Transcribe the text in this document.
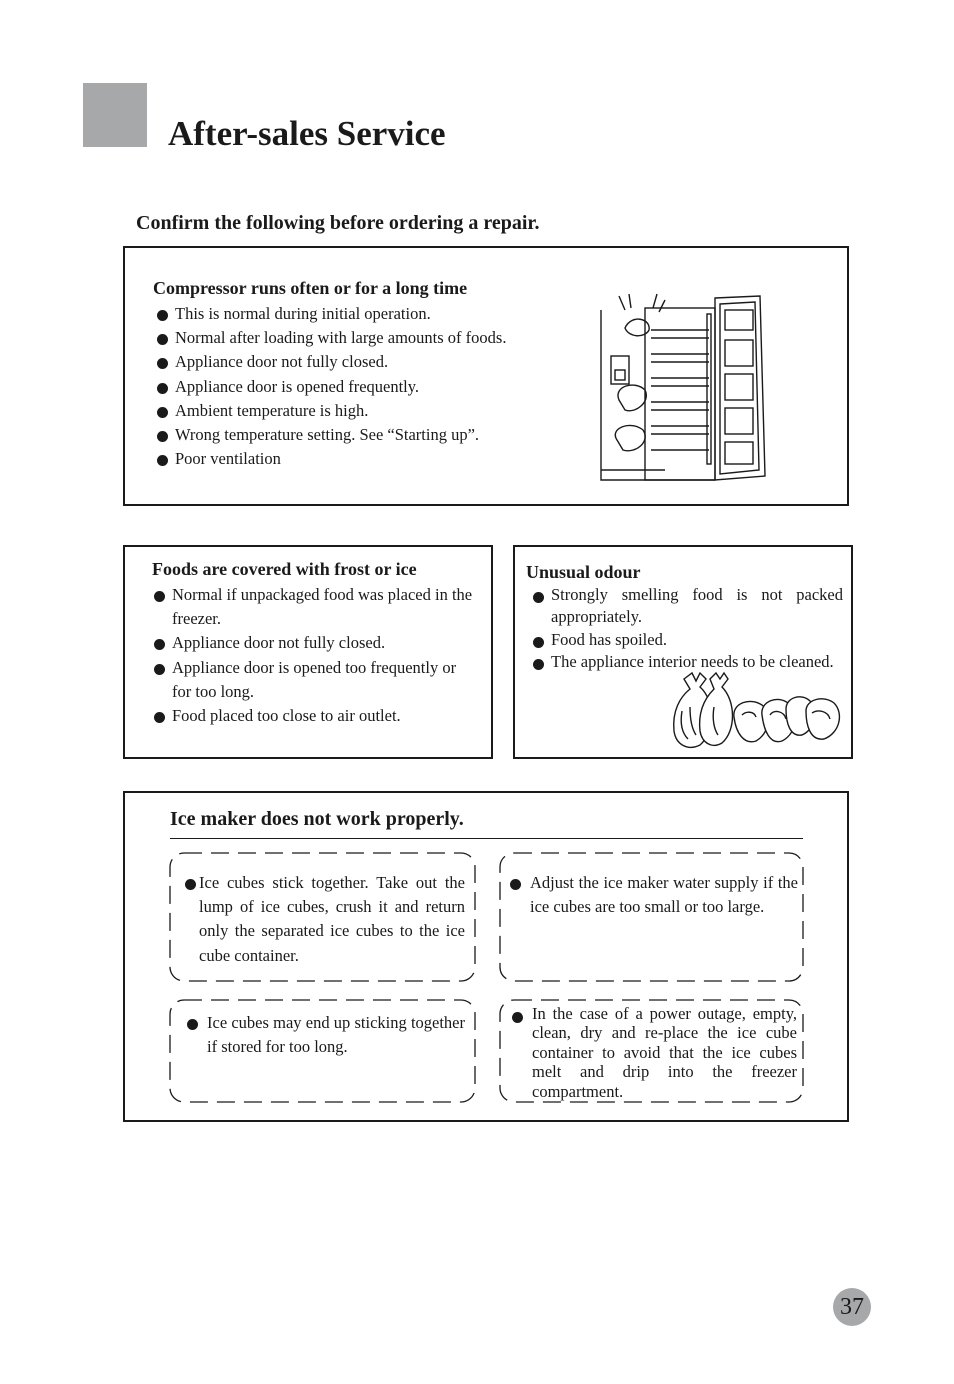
After-sales Service
Confirm the following before ordering a repair.
Compressor runs often or for a long time
This is normal during initial operation.
Normal after loading with large amounts of foods.
Appliance door not fully closed.
Appliance door is opened frequently.
Ambient temperature is high.
Wrong temperature setting. See “Starting up”.
Poor ventilation
Foods are covered with frost or ice
Normal if unpackaged food was placed in the freezer.
Appliance door not fully closed.
Appliance door is opened too frequently or for too long.
Food placed too close to air outlet.
Unusual odour
Strongly smelling food is not packed appropriately.
Food has spoiled.
The appliance interior needs to be cleaned.
Ice maker does not work properly.
Ice cubes stick together. Take out the lump of ice cubes, crush it and return only the separated ice cubes to the ice cube container.
Adjust the ice maker water supply if the ice cubes are too small or too large.
Ice cubes may end up sticking together if stored for too long.
In the case of a power outage, empty, clean, dry and re-place the ice cube container to avoid that the ice cubes melt and drip into the freezer compartment.
37
